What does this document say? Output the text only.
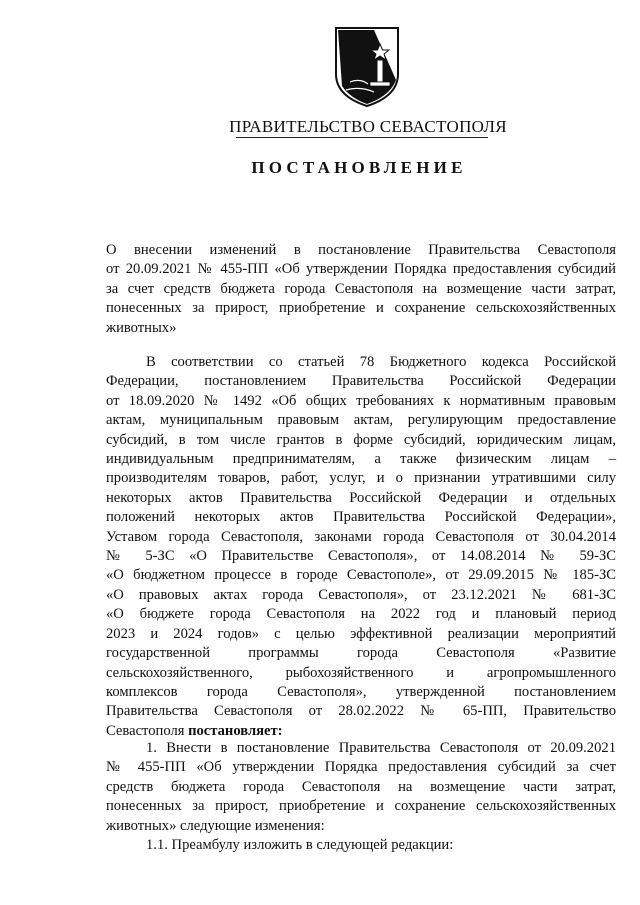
ПРАВИТЕЛЬСТВО СЕВАСТОПОЛЯ
ПОСТАНОВЛЕНИЕ
О внесении изменений в постановление Правительства Севастополя
от 20.09.2021 № 455-ПП «Об утверждении Порядка предоставления субсидий
за счет средств бюджета города Севастополя на возмещение части затрат,
понесенных за прирост, приобретение и сохранение сельскохозяйственных
животных»
В соответствии со статьей 78 Бюджетного кодекса Российской
Федерации, постановлением Правительства Российской Федерации
от 18.09.2020 № 1492 «Об общих требованиях к нормативным правовым
актам, муниципальным правовым актам, регулирующим предоставление
субсидий, в том числе грантов в форме субсидий, юридическим лицам,
индивидуальным предпринимателям, а также физическим лицам –
производителям товаров, работ, услуг, и о признании утратившими силу
некоторых актов Правительства Российской Федерации и отдельных
положений некоторых актов Правительства Российской Федерации»,
Уставом города Севастополя, законами города Севастополя от 30.04.2014
№ 5-ЗС «О Правительстве Севастополя», от 14.08.2014 № 59-ЗС
«О бюджетном процессе в городе Севастополе», от 29.09.2015 № 185-ЗС
«О правовых актах города Севастополя», от 23.12.2021 № 681-ЗС
«О бюджете города Севастополя на 2022 год и плановый период
2023 и 2024 годов» с целью эффективной реализации мероприятий
государственной программы города Севастополя «Развитие
сельскохозяйственного, рыбохозяйственного и агропромышленного
комплексов города Севастополя», утвержденной постановлением
Правительства Севастополя от 28.02.2022 № 65-ПП, Правительство
Севастополя постановляет:
1. Внести в постановление Правительства Севастополя от 20.09.2021
№ 455-ПП «Об утверждении Порядка предоставления субсидий за счет
средств бюджета города Севастополя на возмещение части затрат,
понесенных за прирост, приобретение и сохранение сельскохозяйственных
животных» следующие изменения:
1.1. Преамбулу изложить в следующей редакции:
